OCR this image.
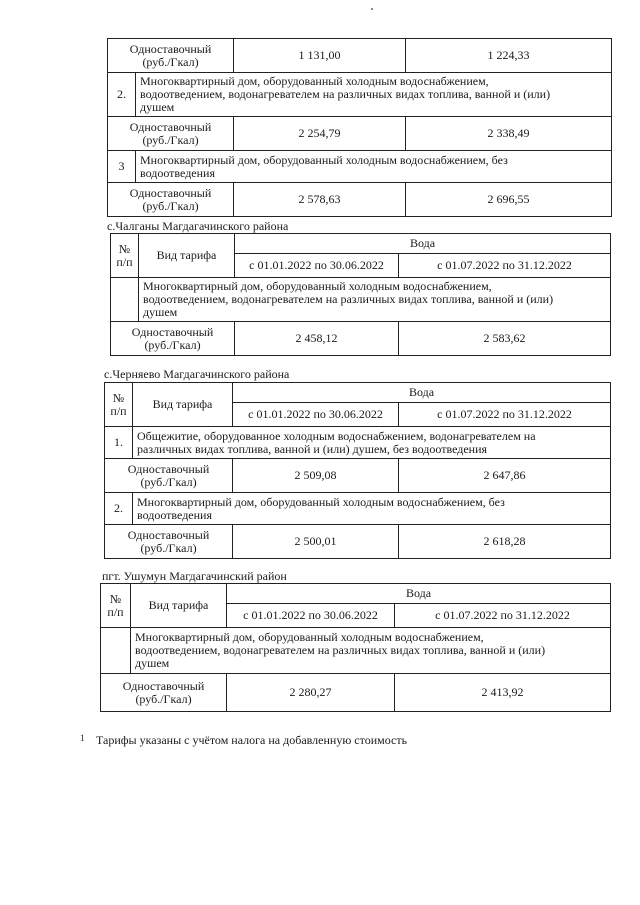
Одноставочный
(руб./Гкал)		1 131,00	1 224,33
2.	Многоквартирный дом, оборудованный холодным водоснабжением,
водоотведением, водонагревателем на различных видах топлива, ванной и (или)
душем		

Одноставочный
(руб./Гкал)		2 254,79	2 338,49
3	Многоквартирный дом, оборудованный холодным водоснабжением, без
водоотведения		

Одноставочный
(руб./Гкал)		2 578,63	2 696,55
с.Чалганы Магдагачинского района
№
п/п	Вид тарифа	Вода	
		с 01.01.2022 по 30.06.2022	с 01.07.2022 по 31.12.2022

	Многоквартирный дом, оборудованный холодным водоснабжением,
водоотведением, водонагревателем на различных видах топлива, ванной и (или)
душем		

Одноставочный
(руб./Гкал)		2 458,12	2 583,62
с.Черняево Магдагачинского района
№
п/п	Вид тарифа	Вода	
		с 01.01.2022 по 30.06.2022	с 01.07.2022 по 31.12.2022
1.	Общежитие, оборудованное холодным водоснабжением, водонагревателем на
различных видах топлива, ванной и (или) душем, без водоотведения		

Одноставочный
(руб./Гкал)		2 509,08	2 647,86
2.	Многоквартирный дом, оборудованный холодным водоснабжением, без
водоотведения		

Одноставочный
(руб./Гкал)		2 500,01	2 618,28
пгт. Ушумун Магдагачинский район
№
п/п	Вид тарифа	Вода	
		с 01.01.2022 по 30.06.2022	с 01.07.2022 по 31.12.2022

	Многоквартирный дом, оборудованный холодным водоснабжением,
водоотведением, водонагревателем на различных видах топлива, ванной и (или)
душем		

Одноставочный
(руб./Гкал)		2 280,27	2 413,92
1 Тарифы указаны с учётом налога на добавленную стоимость
